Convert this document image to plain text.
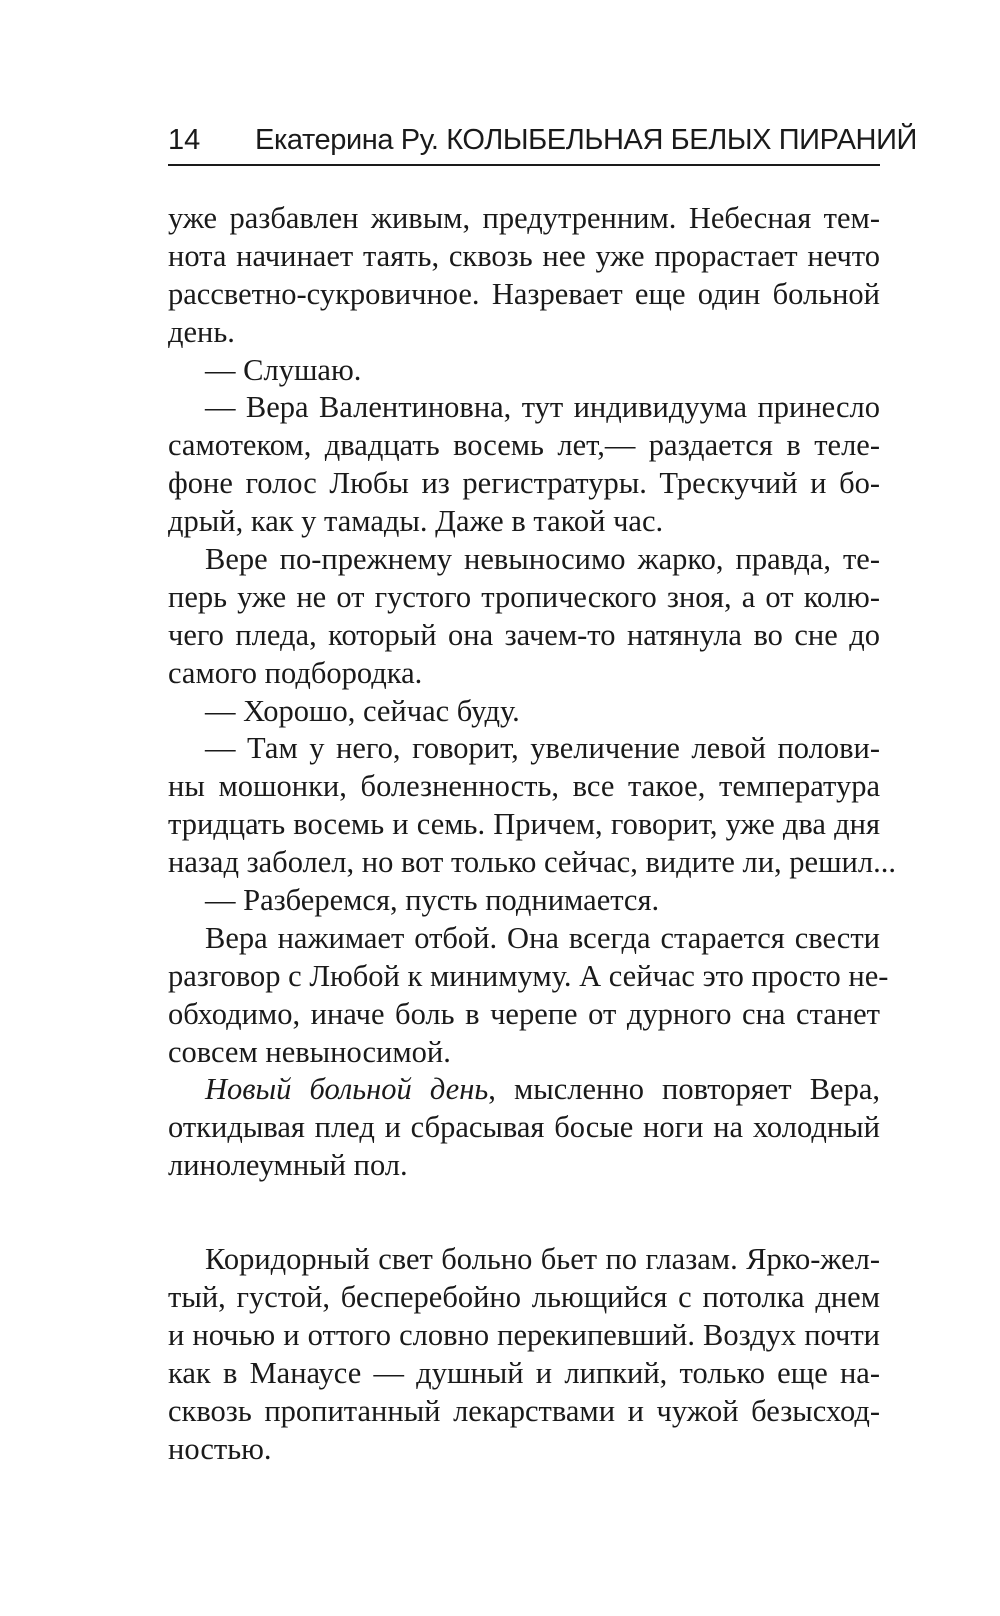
14 Екатерина Ру. КОЛЫБЕЛЬНАЯ БЕЛЫХ ПИРАНИЙ
уже разбавлен живым, предутренним. Небесная тем-
нота начинает таять, сквозь нее уже прорастает нечто
рассветно-сукровичное. Назревает еще один больной
день.
— Слушаю.
— Вера Валентиновна, тут индивидуума принесло
самотеком, двадцать восемь лет,— раздается в теле-
фоне голос Любы из регистратуры. Трескучий и бо-
дрый, как у тамады. Даже в такой час.
Вере по-прежнему невыносимо жарко, правда, те-
перь уже не от густого тропического зноя, а от колю-
чего пледа, который она зачем-то натянула во сне до
самого подбородка.
— Хорошо, сейчас буду.
— Там у него, говорит, увеличение левой полови-
ны мошонки, болезненность, все такое, температура
тридцать восемь и семь. Причем, говорит, уже два дня
назад заболел, но вот только сейчас, видите ли, решил...
— Разберемся, пусть поднимается.
Вера нажимает отбой. Она всегда старается свести
разговор с Любой к минимуму. А сейчас это просто не-
обходимо, иначе боль в черепе от дурного сна станет
совсем невыносимой.
Новый больной день, мысленно повторяет Вера,
откидывая плед и сбрасывая босые ноги на холодный
линолеумный пол.
Коридорный свет больно бьет по глазам. Ярко-жел-
тый, густой, бесперебойно льющийся с потолка днем
и ночью и оттого словно перекипевший. Воздух почти
как в Манаусе — душный и липкий, только еще на-
сквозь пропитанный лекарствами и чужой безысход-
ностью.
